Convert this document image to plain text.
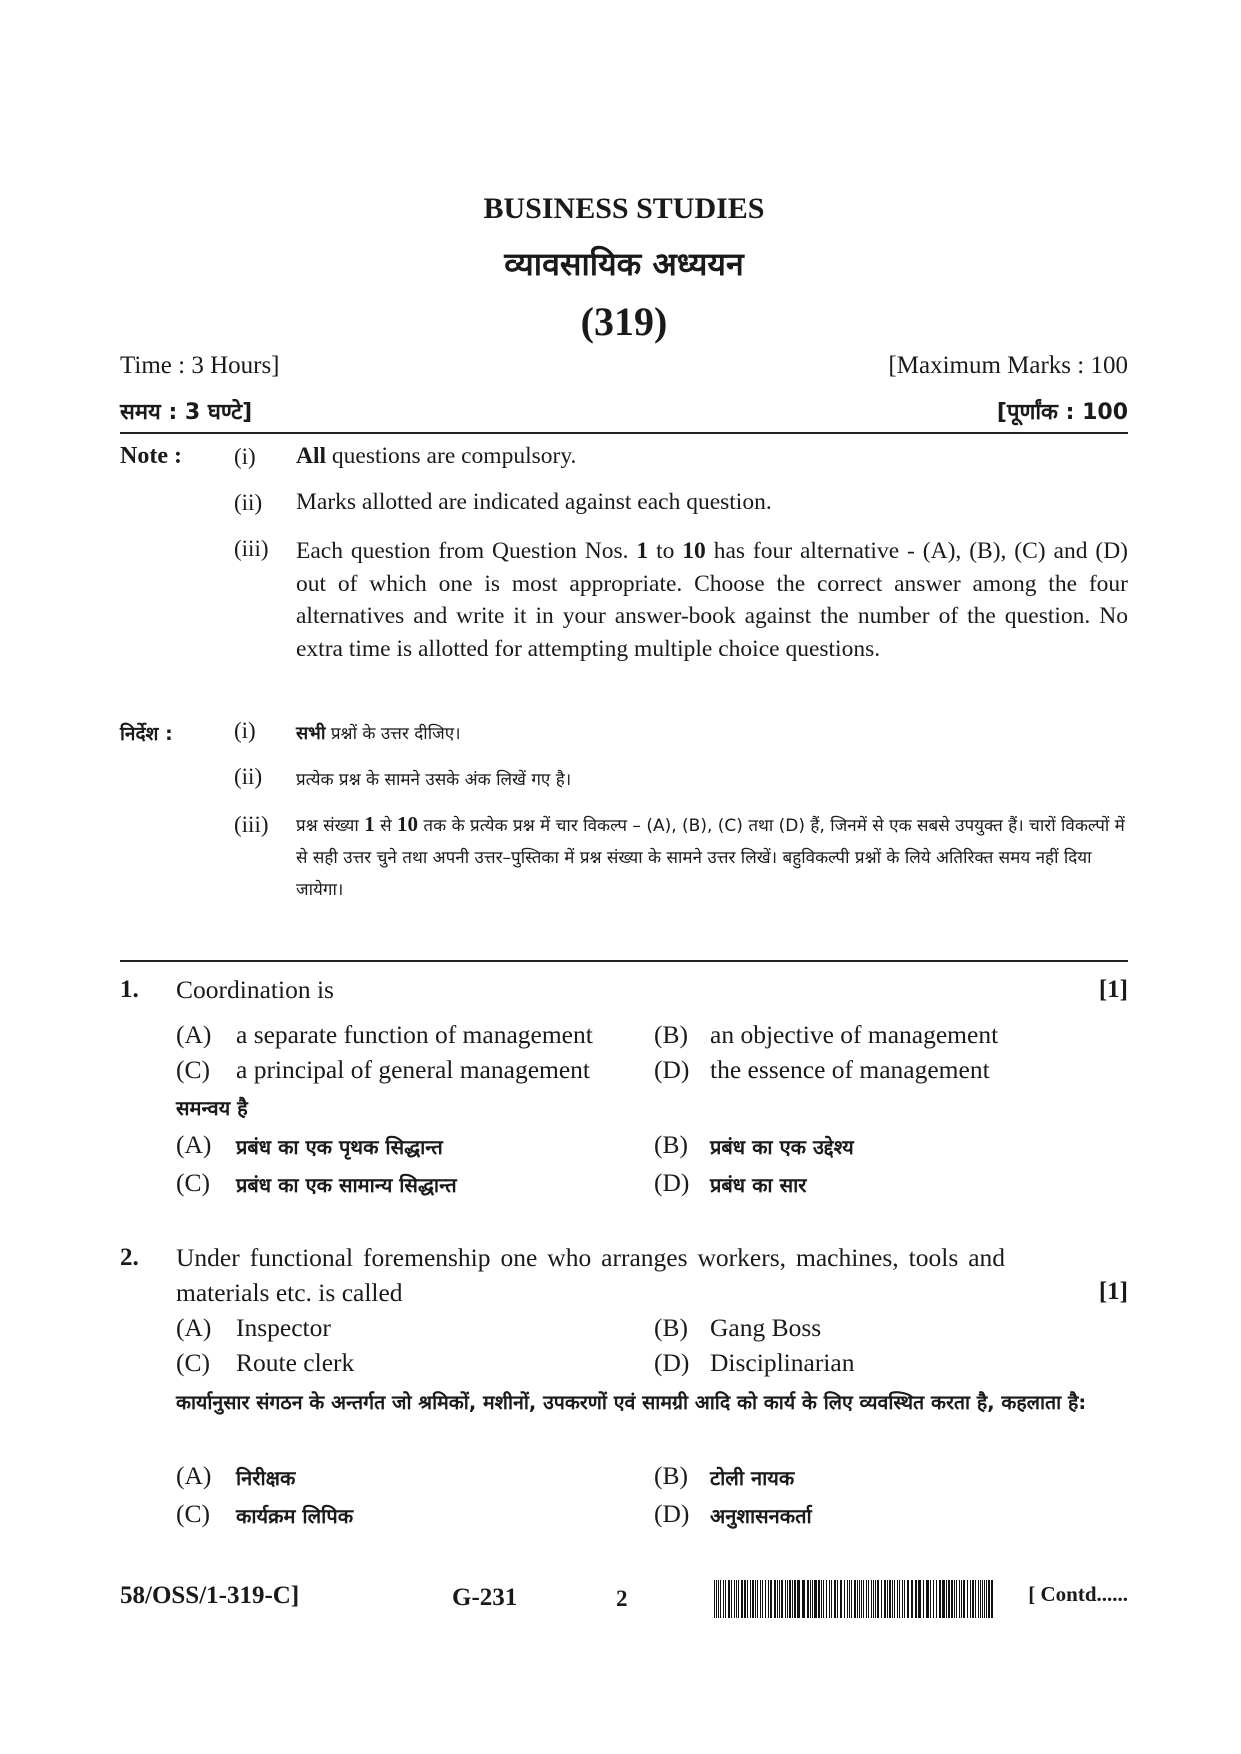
BUSINESS STUDIES
व्यावसायिक अध्ययन
(319)
Time : 3 Hours]	[Maximum Marks : 100
समय : 3 घण्टे]	[पूर्णांक : 100
Note : (i) All questions are compulsory.
(ii) Marks allotted are indicated against each question.
(iii) Each question from Question Nos. 1 to 10 has four alternative - (A), (B), (C) and (D) out of which one is most appropriate. Choose the correct answer among the four alternatives and write it in your answer-book against the number of the question. No extra time is allotted for attempting multiple choice questions.
निर्देश :	(i) सभी प्रश्नों के उत्तर दीजिए।
(ii) प्रत्येक प्रश्न के सामने उसके अंक लिखें गए है।
(iii) प्रश्न संख्या 1 से 10 तक के प्रत्येक प्रश्न में चार विकल्प – (A), (B), (C) तथा (D) हैं, जिनमें से एक सबसे उपयुक्त हैं। चारों विकल्पों में से सही उत्तर चुने तथा अपनी उत्तर–पुस्तिका में प्रश्न संख्या के सामने उत्तर लिखें। बहुविकल्पी प्रश्नों के लिये अतिरिक्त समय नहीं दिया जायेगा।
1. Coordination is	[1]
(A) a separate function of management (B) an objective of management
(C) a principal of general management	(D) the essence of management
समन्वय है
(A) प्रबंध का एक पृथक सिद्धान्त	(B) प्रबंध का एक उद्देश्य
(C) प्रबंध का एक सामान्य सिद्धान्त	(D) प्रबंध का सार
2. Under functional foremenship one who arranges workers, machines, tools and
materials etc. is called	[1]
(A) Inspector	(B) Gang Boss
(C) Route clerk	(D) Disciplinarian
कार्यानुसार संगठन के अन्तर्गत जो श्रमिकों, मशीनों, उपकरणों एवं सामग्री आदि को कार्य के लिए व्यवस्थित करता है, कहलाता है:
(A) निरीक्षक	(B) टोली नायक
(C) कार्यक्रम लिपिक	(D) अनुशासनकर्ता
58/OSS/1-319-C]	G-231	2	[ Contd......
